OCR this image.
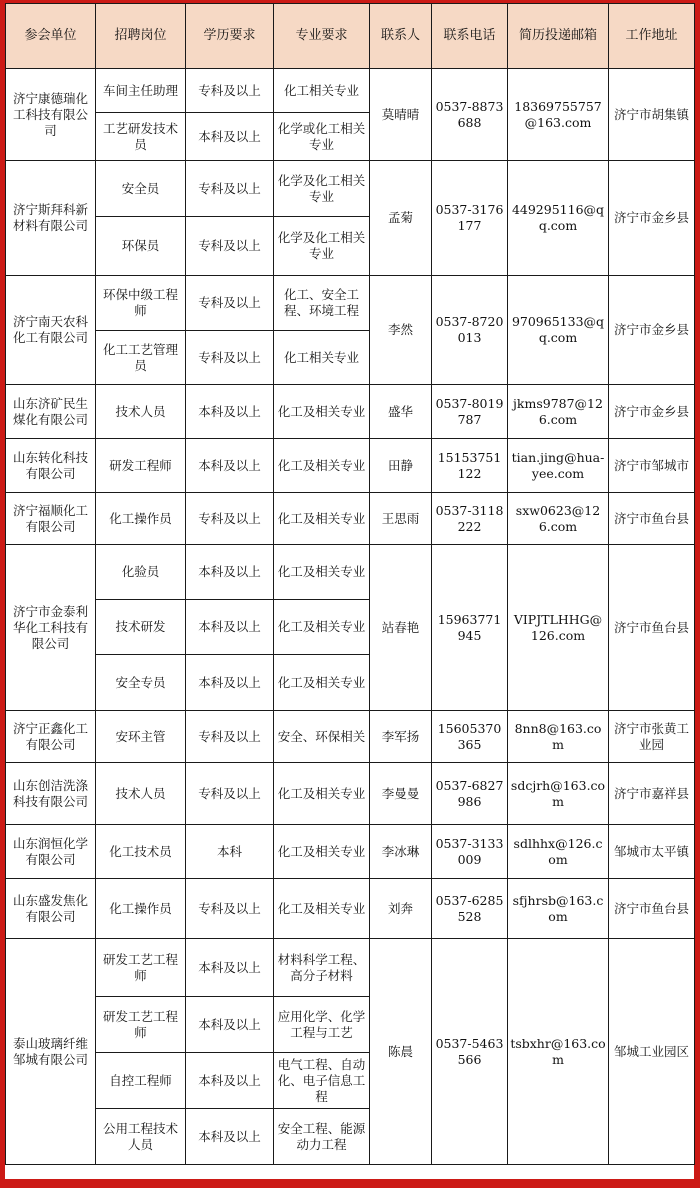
参会单位	招聘岗位	学历要求	专业要求	联系人	联系电话	简历投递邮箱	工作地址
济宁康德瑞化工科技有限公司	车间主任助理	专科及以上	化工相关专业	莫晴晴	0537-8873688	18369755757@163.com	济宁市胡集镇
	工艺研发技术员	本科及以上	化学或化工相关专业				
济宁斯拜科新材料有限公司	安全员	专科及以上	化学及化工相关专业	孟菊	0537-3176177	449295116@qq.com	济宁市金乡县
	环保员	专科及以上	化学及化工相关专业				
济宁南天农科化工有限公司	环保中级工程师	专科及以上	化工、安全工程、环境工程	李然	0537-8720013	970965133@qq.com	济宁市金乡县
	化工工艺管理员	专科及以上	化工相关专业				
山东济矿民生煤化有限公司	技术人员	本科及以上	化工及相关专业	盛华	0537-8019787	jkms9787@126.com	济宁市金乡县
山东转化科技有限公司	研发工程师	本科及以上	化工及相关专业	田静	15153751122	tian.jing@hua-yee.com	济宁市邹城市
济宁福顺化工有限公司	化工操作员	专科及以上	化工及相关专业	王思雨	0537-3118222	sxw0623@126.com	济宁市鱼台县
济宁市金泰利华化工科技有限公司	化验员	本科及以上	化工及相关专业	站春艳	15963771945	VIPJTLHHG@126.com	济宁市鱼台县
	技术研发	本科及以上	化工及相关专业				
	安全专员	本科及以上	化工及相关专业				
济宁正鑫化工有限公司	安环主管	专科及以上	安全、环保相关	李军扬	15605370365	8nn8@163.com	济宁市张黄工业园
山东创洁洗涤科技有限公司	技术人员	专科及以上	化工及相关专业	李曼曼	0537-6827986	sdcjrh@163.com	济宁市嘉祥县
山东润恒化学有限公司	化工技术员	本科	化工及相关专业	李冰琳	0537-3133009	sdlhhx@126.com	邹城市太平镇
山东盛发焦化有限公司	化工操作员	专科及以上	化工及相关专业	刘奔	0537-6285528	sfjhrsb@163.com	济宁市鱼台县
泰山玻璃纤维邹城有限公司	研发工艺工程师	本科及以上	材料科学工程、高分子材料	陈晨	0537-5463566	tsbxhr@163.com	邹城工业园区
	研发工艺工程师	本科及以上	应用化学、化学工程与工艺				
	自控工程师	本科及以上	电气工程、自动化、电子信息工程				
	公用工程技术人员	本科及以上	安全工程、能源动力工程				
